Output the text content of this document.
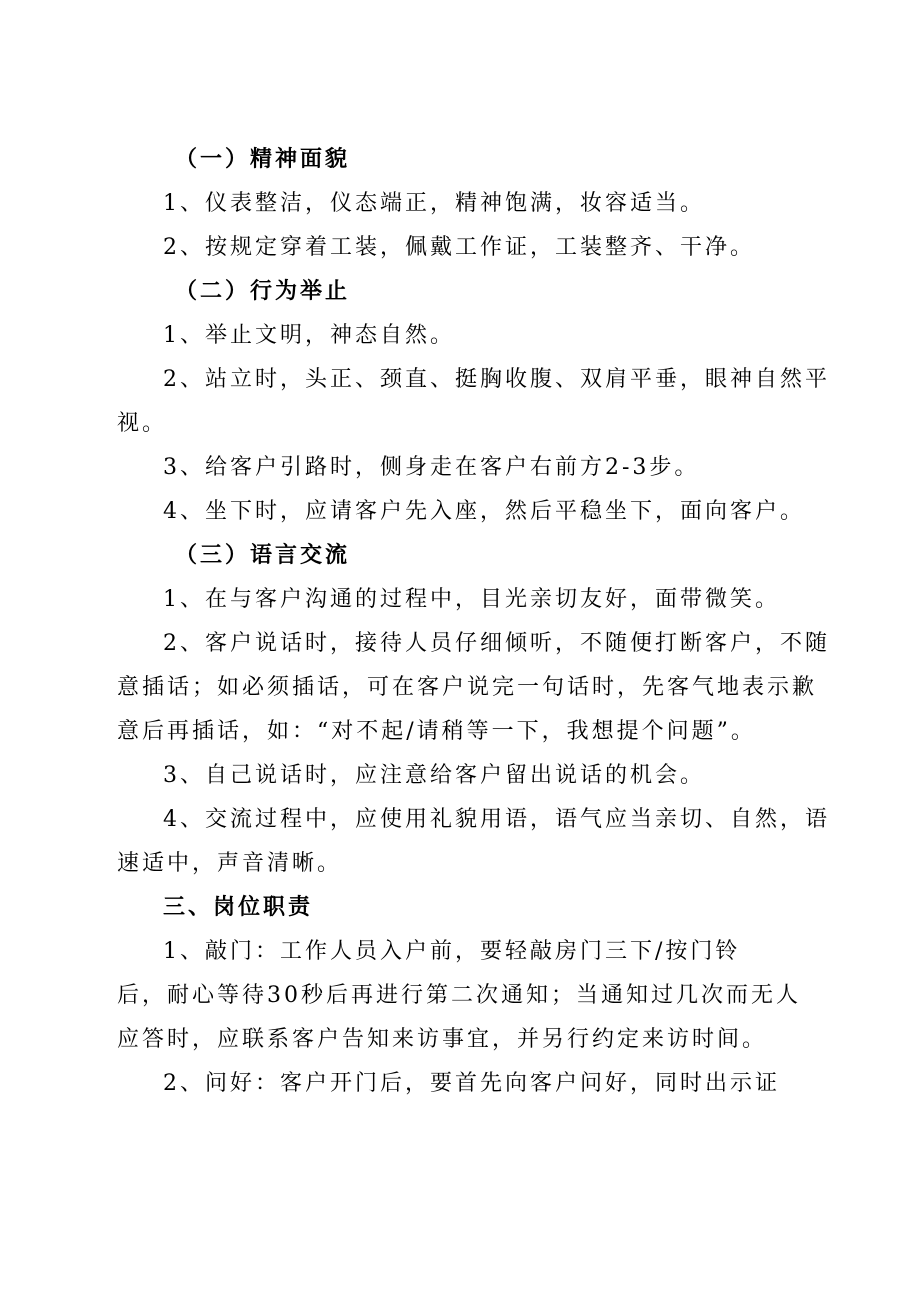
（一）精神面貌
1、仪表整洁，仪态端正，精神饱满，妆容适当。
2、按规定穿着工装，佩戴工作证，工装整齐、干净。
（二）行为举止
1、举止文明，神态自然。
2、站立时，头正、颈直、挺胸收腹、双肩平垂，眼神自然平
视。
3、给客户引路时，侧身走在客户右前方2-3步。
4、坐下时，应请客户先入座，然后平稳坐下，面向客户。
（三）语言交流
1、在与客户沟通的过程中，目光亲切友好，面带微笑。
2、客户说话时，接待人员仔细倾听，不随便打断客户，不随
意插话；如必须插话，可在客户说完一句话时，先客气地表示歉
意后再插话，如：“对不起/请稍等一下，我想提个问题”。
3、自己说话时，应注意给客户留出说话的机会。
4、交流过程中，应使用礼貌用语，语气应当亲切、自然，语
速适中，声音清晰。
三、岗位职责
1、敲门：工作人员入户前，要轻敲房门三下/按门铃
后，耐心等待30秒后再进行第二次通知；当通知过几次而无人
应答时，应联系客户告知来访事宜，并另行约定来访时间。
2、问好：客户开门后，要首先向客户问好，同时出示证
